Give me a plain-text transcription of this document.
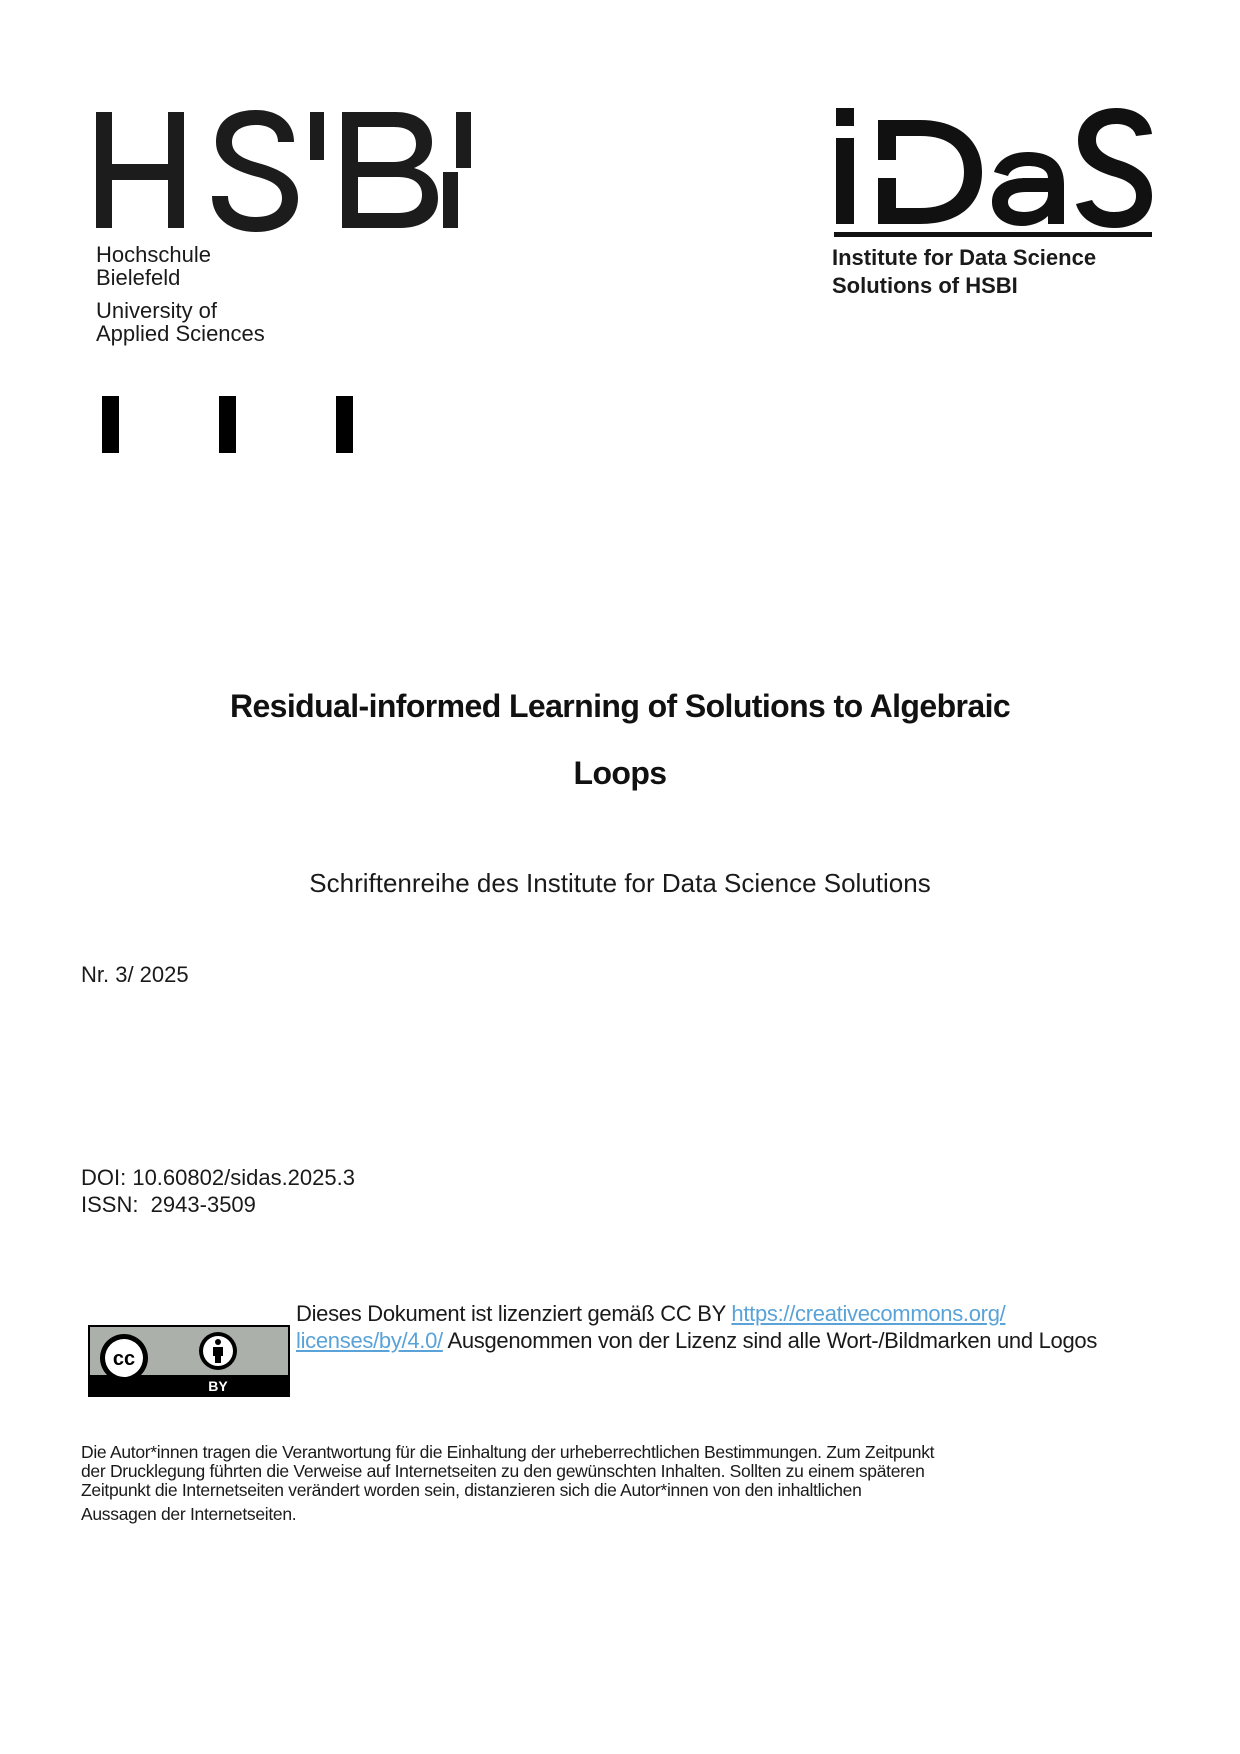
Hochschule
Bielefeld
University of
Applied Sciences
Institute for Data Science
Solutions of HSBI
Residual-informed Learning of Solutions to Algebraic
Loops
Schriftenreihe des Institute for Data Science Solutions
Nr. 3/ 2025
DOI: 10.60802/sidas.2025.3
ISSN:  2943-3509
cc
BY
Dieses Dokument ist lizenziert gemäß CC BY https://creativecommons.org/
licenses/by/4.0/ Ausgenommen von der Lizenz sind alle Wort-/Bildmarken und Logos

Die Autor*innen tragen die Verantwortung für die Einhaltung der urheberrechtlichen Bestimmungen. Zum Zeitpunkt

der Drucklegung führten die Verweise auf Internetseiten zu den gewünschten Inhalten. Sollten zu einem späteren

Zeitpunkt die Internetseiten verändert worden sein, distanzieren sich die Autor*innen von den inhaltlichen

Aussagen der Internetseiten.
